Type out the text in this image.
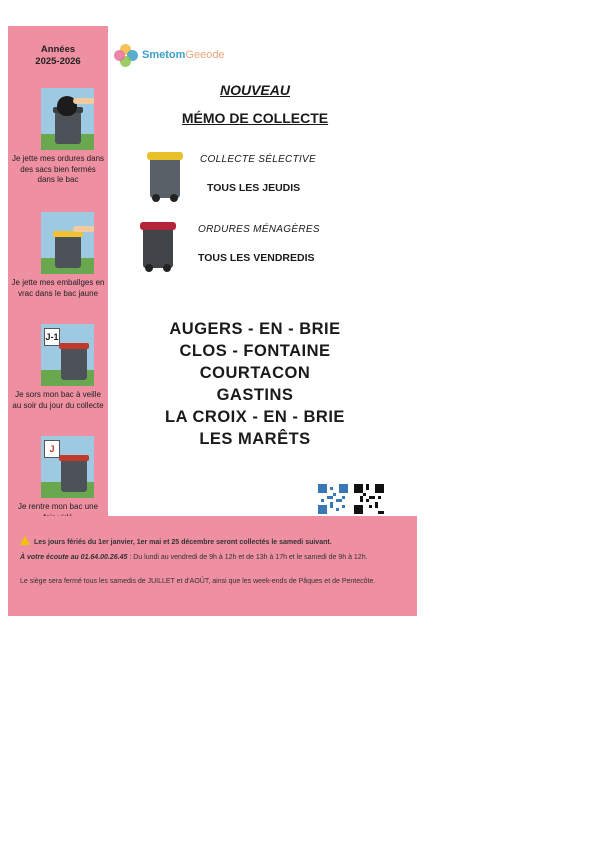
Années
2025-2026
Je jette mes ordures dans des sacs bien fermés dans le bac
Je jette mes emballges en vrac dans le bac jaune
J-1
Je sors mon bac à veille au soir du jour du collecte
J
Je rentre mon bac une
SmetomGeeode
NOUVEAU
MÉMO DE COLLECTE
COLLECTE SÉLECTIVE
TOUS LES JEUDIS
ORDURES MÉNAGÈRES
TOUS LES VENDREDIS
AUGERS - EN - BRIE
CLOS - FONTAINE
COURTACON
GASTINS
LA CROIX - EN - BRIE
LES MARÊTS
Les jours fériés du 1er janvier, 1er mai et 25 décembre seront collectés le samedi suivant.
À votre écoute au 01.64.00.26.45 : Du lundi au vendredi de 9h à 12h et de 13h à 17h et le samedi de 9h à 12h.
Le siège sera fermé tous les samedis de JUILLET et d'AOÛT, ainsi que les week-ends de Pâques et de Pentecôte.
